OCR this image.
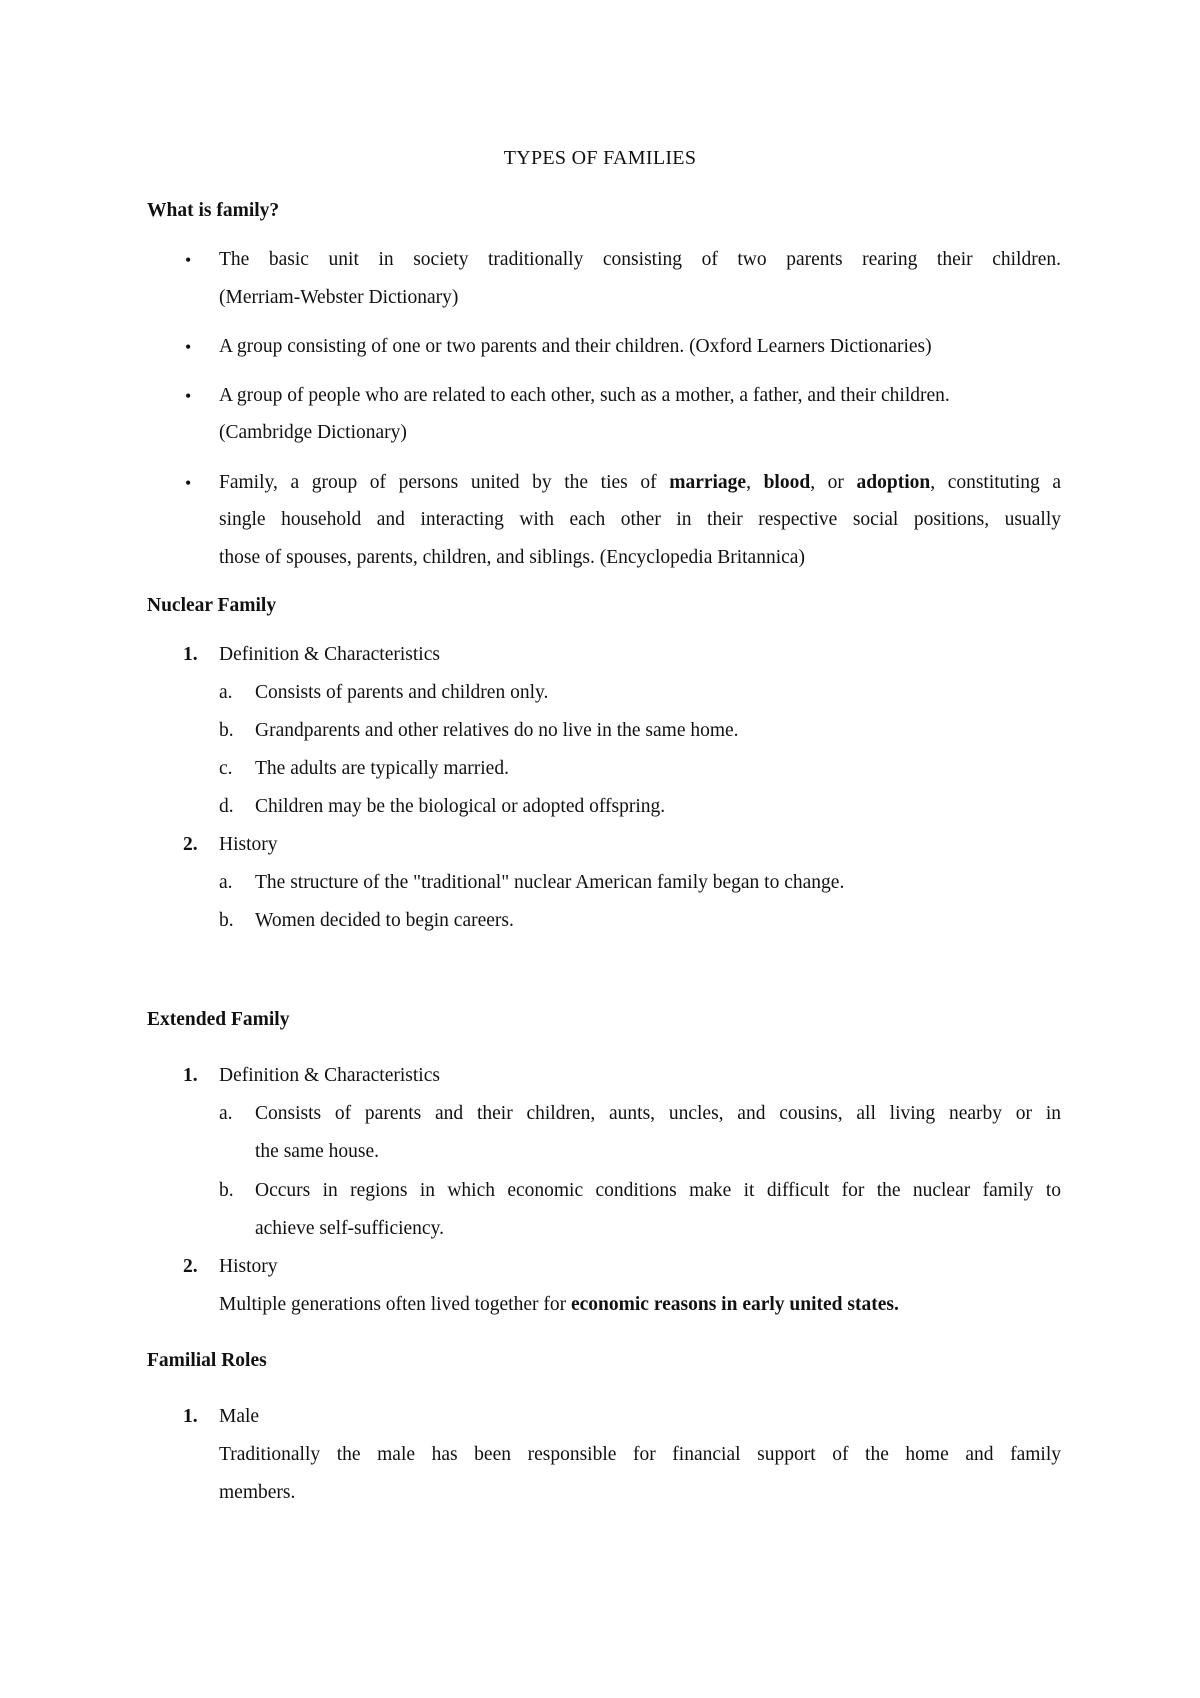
TYPES OF FAMILIES
What is family?
• The basic unit in society traditionally consisting of two parents rearing their children.
(Merriam-Webster Dictionary)
• A group consisting of one or two parents and their children. (Oxford Learners Dictionaries)
• A group of people who are related to each other, such as a mother, a father, and their children.
(Cambridge Dictionary)
• Family, a group of persons united by the ties of marriage, blood, or adoption, constituting a
single household and interacting with each other in their respective social positions, usually
those of spouses, parents, children, and siblings. (Encyclopedia Britannica)
Nuclear Family
1. Definition & Characteristics
a. Consists of parents and children only.
b. Grandparents and other relatives do no live in the same home.
c. The adults are typically married.
d. Children may be the biological or adopted offspring.
2. History
a. The structure of the "traditional" nuclear American family began to change.
b. Women decided to begin careers.
Extended Family
1. Definition & Characteristics
a. Consists of parents and their children, aunts, uncles, and cousins, all living nearby or in
the same house.
b. Occurs in regions in which economic conditions make it difficult for the nuclear family to
achieve self-sufficiency.
2. History
Multiple generations often lived together for economic reasons in early united states.
Familial Roles
1. Male
Traditionally the male has been responsible for financial support of the home and family
members.
